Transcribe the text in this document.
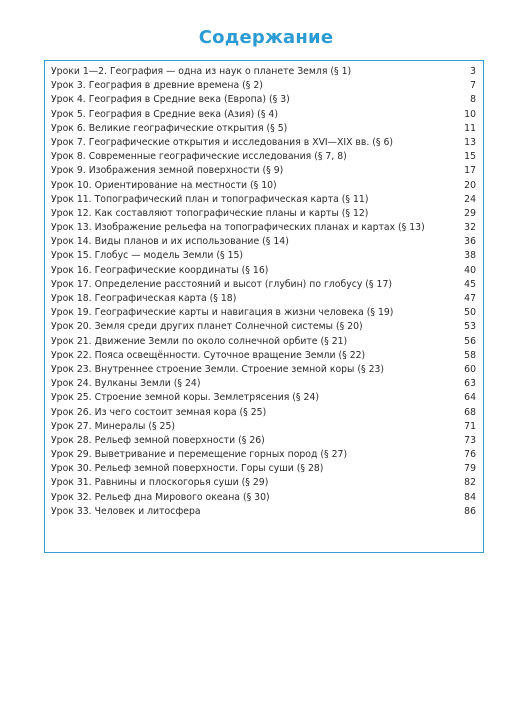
Содержание
Уроки 1—2. География — одна из наук о планете Земля (§ 1)	3
Урок 3. География в древние времена (§ 2)	7
Урок 4. География в Средние века (Европа) (§ 3)	8
Урок 5. География в Средние века (Азия) (§ 4)	10
Урок 6. Великие географические открытия (§ 5)	11
Урок 7. Географические открытия и исследования в XVI—XIX вв. (§ 6)	13
Урок 8. Современные географические исследования (§ 7, 8)	15
Урок 9. Изображения земной поверхности (§ 9)	17
Урок 10. Ориентирование на местности (§ 10)	20
Урок 11. Топографический план и топографическая карта (§ 11)	24
Урок 12. Как составляют топографические планы и карты (§ 12)	29
Урок 13. Изображение рельефа на топографических планах и картах (§ 13)	32
Урок 14. Виды планов и их использование (§ 14)	36
Урок 15. Глобус — модель Земли (§ 15)	38
Урок 16. Географические координаты (§ 16)	40
Урок 17. Определение расстояний и высот (глубин) по глобусу (§ 17)	45
Урок 18. Географическая карта (§ 18)	47
Урок 19. Географические карты и навигация в жизни человека (§ 19)	50
Урок 20. Земля среди других планет Солнечной системы (§ 20)	53
Урок 21. Движение Земли по около солнечной орбите (§ 21)	56
Урок 22. Пояса освещённости. Суточное вращение Земли (§ 22)	58
Урок 23. Внутреннее строение Земли. Строение земной коры (§ 23)	60
Урок 24. Вулканы Земли (§ 24)	63
Урок 25. Строение земной коры. Землетрясения (§ 24)	64
Урок 26. Из чего состоит земная кора (§ 25)	68
Урок 27. Минералы (§ 25)	71
Урок 28. Рельеф земной поверхности (§ 26)	73
Урок 29. Выветривание и перемещение горных пород (§ 27)	76
Урок 30. Рельеф земной поверхности. Горы суши (§ 28)	79
Урок 31. Равнины и плоскогорья суши (§ 29)	82
Урок 32. Рельеф дна Мирового океана (§ 30)	84
Урок 33. Человек и литосфера	86
